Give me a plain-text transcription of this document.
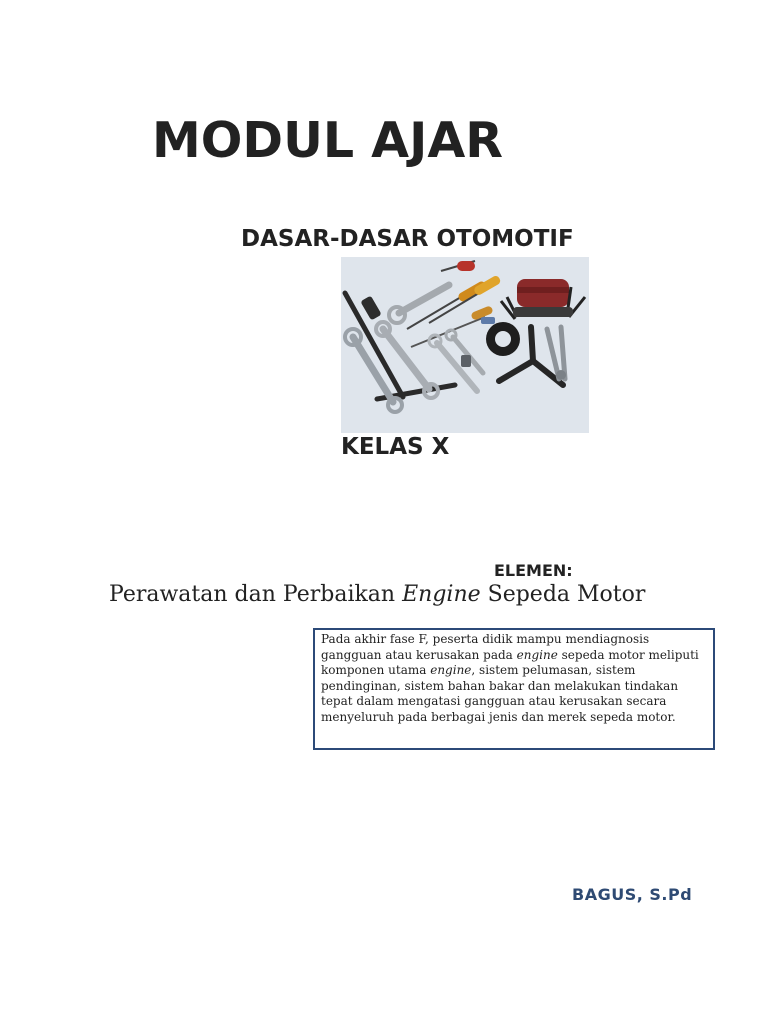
MODUL AJAR
DASAR-DASAR OTOMOTIF
KELAS X
ELEMEN:
Perawatan dan Perbaikan Engine Sepeda Motor

Pada akhir fase F, peserta didik mampu mendiagnosis gangguan atau kerusakan pada engine sepeda motor meliputi komponen utama engine, sistem pelumasan, sistem pendinginan, sistem bahan bakar dan melakukan tindakan tepat dalam mengatasi gangguan atau kerusakan secara menyeluruh pada berbagai jenis dan merek sepeda motor.

BAGUS, S.Pd
